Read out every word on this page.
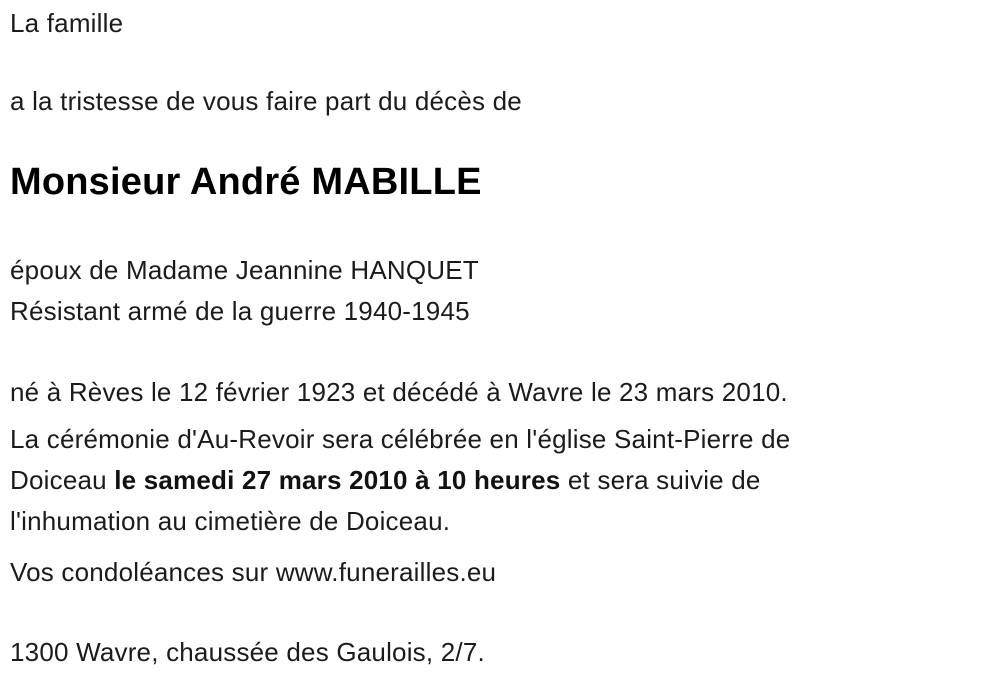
La famille
a la tristesse de vous faire part du décès de
Monsieur André MABILLE
époux de Madame Jeannine HANQUET
Résistant armé de la guerre 1940-1945
né à Rèves le 12 février 1923 et décédé à Wavre le 23 mars 2010.
La cérémonie d'Au-Revoir sera célébrée en l'église Saint-Pierre de
Doiceau le samedi 27 mars 2010 à 10 heures et sera suivie de
l'inhumation au cimetière de Doiceau.
Vos condoléances sur www.funerailles.eu
1300 Wavre, chaussée des Gaulois, 2/7.
